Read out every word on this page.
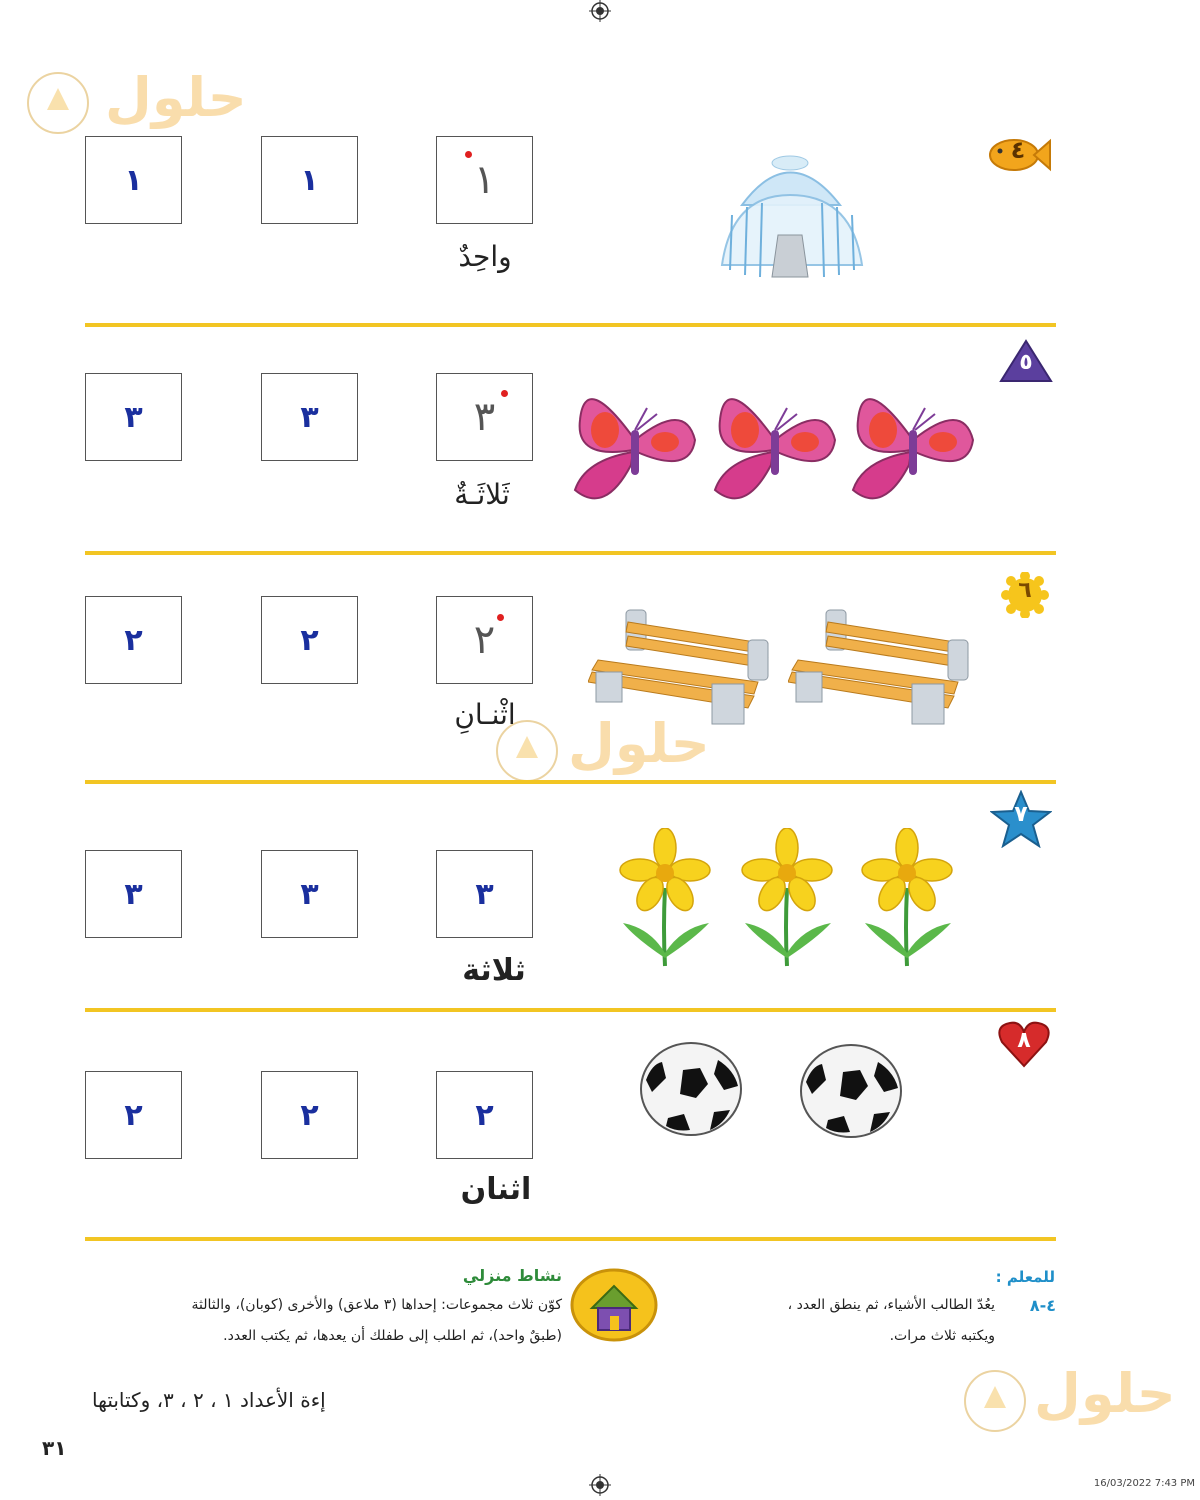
حلول
حلول
حلول
٤
١
واحِدٌ
١
١
٥
٣
ثَلاثَـةٌ
٣
٣
٦
٢
اثْنـانِ
٢
٢
٧
٣
ثلاثة
٣
٣
٨
٢
اثنان
٢
٢
للمعلم :
٤-٨
يعُدّ الطالب الأشياء، ثم ينطق العدد ،
ويكتبه ثلاث مرات.
نشاط منزلي
كوّن ثلاث مجموعات: إحداها (٣ ملاعق) والأخرى (كوبان)، والثالثة
(طبقٌ واحد)، ثم اطلب إلى طفلك أن يعدها، ثم يكتب العدد.
إءة الأعداد ١ ، ٢ ، ٣، وكتابتها
٣١
16/03/2022 7:43 PM
